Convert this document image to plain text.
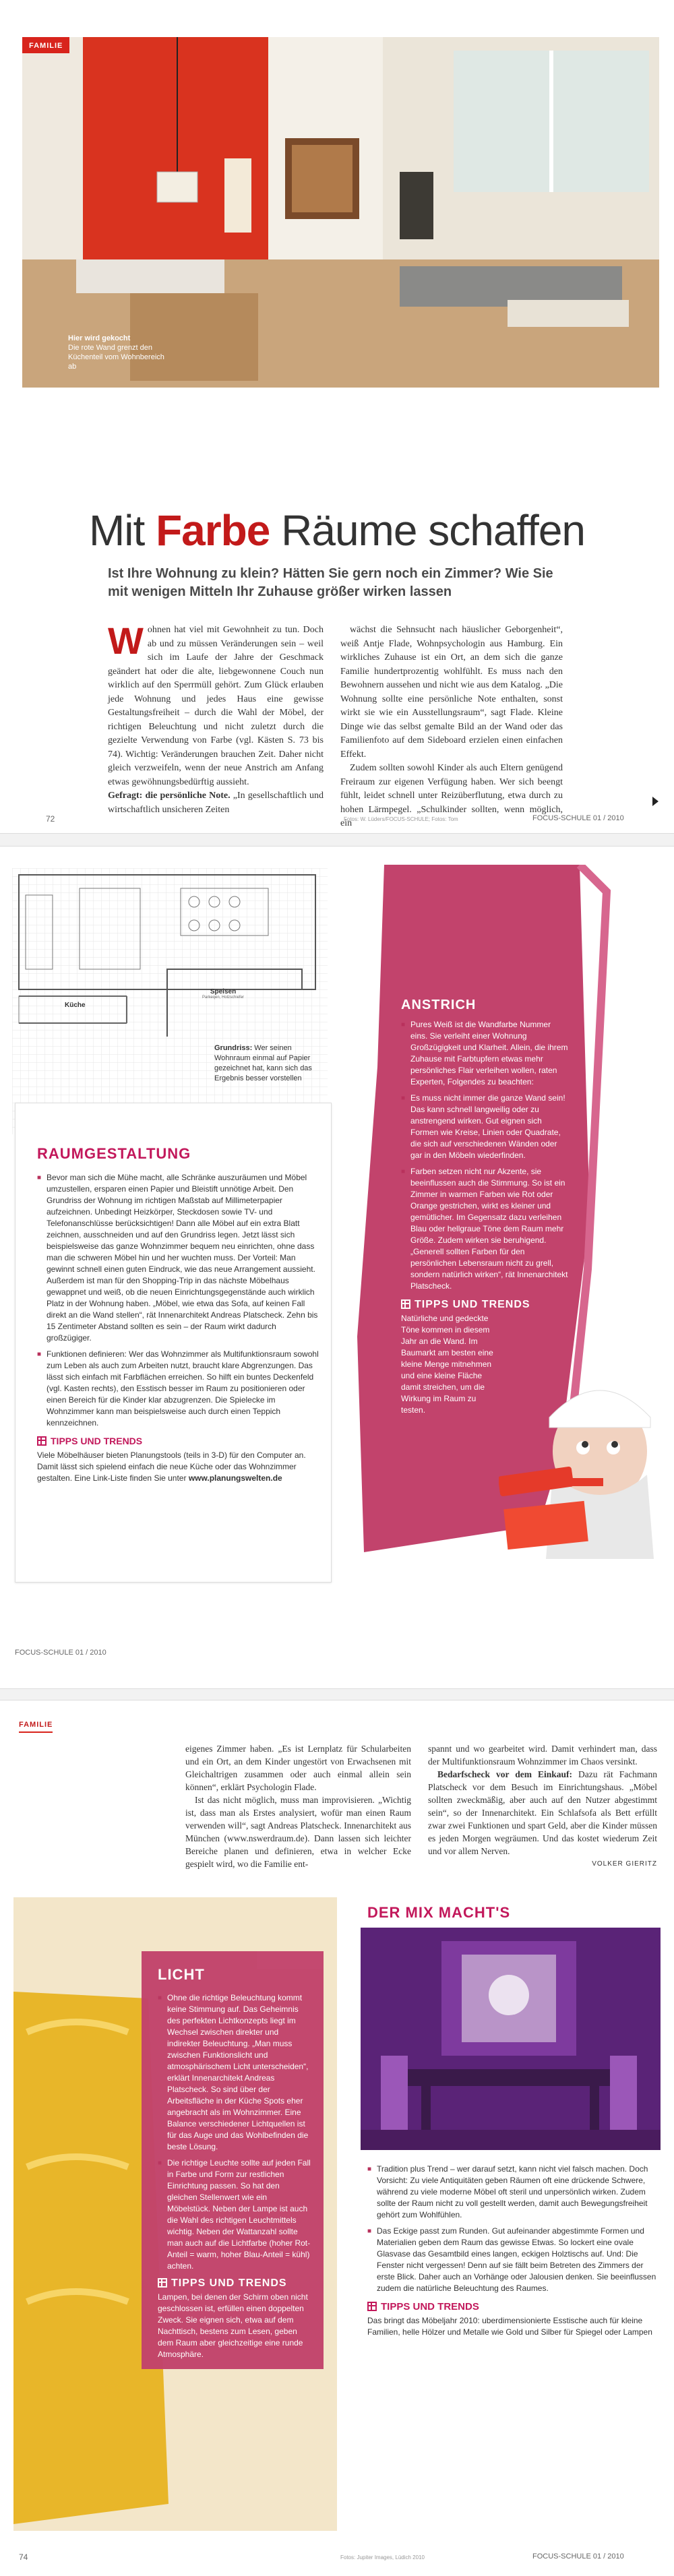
FAMILIE
Hier wird gekocht
Die rote Wand grenzt den Küchenteil vom Wohnbereich ab
Mit Farbe Räume schaffen
Ist Ihre Wohnung zu klein? Hätten Sie gern noch ein Zimmer? Wie Sie mit wenigen Mitteln Ihr Zuhause größer wirken lassen
W ohnen hat viel mit Gewohnheit zu tun. Doch ab und zu müssen Veränderungen sein – weil sich im Laufe der Jahre der Geschmack geändert hat oder die alte, liebgewonnene Couch nun wirklich auf den Sperrmüll gehört. Zum Glück erlauben jede Wohnung und jedes Haus eine gewisse Gestaltungsfreiheit – durch die Wahl der Möbel, der richtigen Beleuchtung und nicht zuletzt durch die gezielte Verwendung von Farbe (vgl. Kästen S. 73 bis 74). Wichtig: Veränderungen brauchen Zeit. Daher nicht gleich verzweifeln, wenn der neue Anstrich am Anfang etwas gewöhnungsbedürftig aussieht.
Gefragt: die persönliche Note. „In gesellschaftlich und wirtschaftlich unsicheren Zeiten
wächst die Sehnsucht nach häuslicher Geborgenheit“, weiß Antje Flade, Wohnpsychologin aus Hamburg. Ein wirkliches Zuhause ist ein Ort, an dem sich die ganze Familie hundertprozentig wohlfühlt. Es muss nach den Bewohnern aussehen und nicht wie aus dem Katalog. „Die Wohnung sollte eine persönliche Note enthalten, sonst wirkt sie wie ein Ausstellungsraum“, sagt Flade. Kleine Dinge wie das selbst gemalte Bild an der Wand oder das Familienfoto auf dem Sideboard erzielen einen einfachen Effekt.
Zudem sollten sowohl Kinder als auch Eltern genügend Freiraum zur eigenen Verfügung haben. Wer sich beengt fühlt, leidet schnell unter Reizüberflutung, etwa durch zu hohen Lärmpegel. „Schulkinder sollten, wenn möglich, ein
72	Fotos: W. Lüders/FOCUS-SCHULE; Fotos: Tom	FOCUS-SCHULE 01 / 2010
Küche
Speisen
Parkeqen, Holzschiefer
Grundriss: Wer seinen Wohnraum einmal auf Papier gezeichnet hat, kann sich das Ergebnis besser vorstellen
RAUMGESTALTUNG
■ Bevor man sich die Mühe macht, alle Schränke auszuräumen und Möbel umzustellen, ersparen einen Papier und Bleistift unnötige Arbeit. Den Grundriss der Wohnung im richtigen Maßstab auf Millimeterpapier aufzeichnen. Unbedingt Heizkörper, Steckdosen sowie TV- und Telefonanschlüsse berücksichtigen! Dann alle Möbel auf ein extra Blatt zeichnen, ausschneiden und auf den Grundriss legen. Jetzt lässt sich beispielsweise das ganze Wohnzimmer bequem neu einrichten, ohne dass man die schweren Möbel hin und her wuchten muss. Der Vorteil: Man gewinnt schnell einen guten Eindruck, wie das neue Arrangement aussieht. Außerdem ist man für den Shopping-Trip in das nächste Möbelhaus gewappnet und weiß, ob die neuen Einrichtungsgegenstände auch wirklich Platz in der Wohnung haben. „Möbel, wie etwa das Sofa, auf keinen Fall direkt an die Wand stellen“, rät Innenarchitekt Andreas Platscheck. Zehn bis 15 Zentimeter Abstand sollten es sein – der Raum wirkt dadurch großzügiger.
■ Funktionen definieren: Wer das Wohnzimmer als Multifunktionsraum sowohl zum Leben als auch zum Arbeiten nutzt, braucht klare Abgrenzungen. Das lässt sich einfach mit Farbflächen erreichen. So hilft ein buntes Deckenfeld (vgl. Kasten rechts), den Esstisch besser im Raum zu positionieren oder einen Bereich für die Kinder klar abzugrenzen. Die Spielecke im Wohnzimmer kann man beispielsweise auch durch einen Teppich kennzeichnen.
TIPPS UND TRENDS
Viele Möbelhäuser bieten Planungstools (teils in 3-D) für den Computer an. Damit lässt sich spielend einfach die neue Küche oder das Wohnzimmer gestalten. Eine Link-Liste finden Sie unter www.planungswelten.de
ANSTRICH
■ Pures Weiß ist die Wandfarbe Nummer eins. Sie verleiht einer Wohnung Großzügigkeit und Klarheit. Allein, die ihrem Zuhause mit Farbtupfern etwas mehr persönliches Flair verleihen wollen, raten Experten, Folgendes zu beachten:
■ Es muss nicht immer die ganze Wand sein! Das kann schnell langweilig oder zu anstrengend wirken. Gut eignen sich Formen wie Kreise, Linien oder Quadrate, die sich auf verschiedenen Wänden oder gar in den Möbeln wiederfinden.
■ Farben setzen nicht nur Akzente, sie beeinflussen auch die Stimmung. So ist ein Zimmer in warmen Farben wie Rot oder Orange gestrichen, wirkt es kleiner und gemütlicher. Im Gegensatz dazu verleihen Blau oder hellgraue Töne dem Raum mehr Größe. Zudem wirken sie beruhigend. „Generell sollten Farben für den persönlichen Lebensraum nicht zu grell, sondern natürlich wirken“, rät Innenarchitekt Platscheck.
TIPPS UND TRENDS
Natürliche und gedeckte Töne kommen in diesem Jahr an die Wand. Im Baumarkt am besten eine kleine Menge mitnehmen und eine kleine Fläche damit streichen, um die Wirkung im Raum zu testen.
FOCUS-SCHULE 01 / 2010
FAMILIE
eigenes Zimmer haben. „Es ist Lernplatz für Schularbeiten und ein Ort, an dem Kinder ungestört von Erwachsenen mit Gleichaltrigen zusammen oder auch einmal allein sein können“, erklärt Psychologin Flade.
Ist das nicht möglich, muss man improvisieren. „Wichtig ist, dass man als Erstes analysiert, wofür man einen Raum verwenden will“, sagt Andreas Platscheck. Innenarchitekt aus München (www.nswerdraum.de). Dann lassen sich leichter Bereiche planen und definieren, etwa in welcher Ecke gespielt wird, wo die Familie ent-
spannt und wo gearbeitet wird. Damit verhindert man, dass der Multifunktionsraum Wohnzimmer im Chaos versinkt.
Bedarfscheck vor dem Einkauf: Dazu rät Fachmann Platscheck vor dem Besuch im Einrichtungshaus. „Möbel sollten zweckmäßig, aber auch auf den Nutzer abgestimmt sein“, so der Innenarchitekt. Ein Schlafsofa als Bett erfüllt zwar zwei Funktionen und spart Geld, aber die Kinder müssen es jeden Morgen wegräumen. Und das kostet wiederum Zeit und vor allem Nerven.
VOLKER GIERITZ
LICHT
■ Ohne die richtige Beleuchtung kommt keine Stimmung auf. Das Geheimnis des perfekten Lichtkonzepts liegt im Wechsel zwischen direkter und indirekter Beleuchtung. „Man muss zwischen Funktionslicht und atmosphärischem Licht unterscheiden“, erklärt Innenarchitekt Andreas Platscheck. So sind über der Arbeitsfläche in der Küche Spots eher angebracht als im Wohnzimmer. Eine Balance verschiedener Lichtquellen ist für das Auge und das Wohlbefinden die beste Lösung.
■ Die richtige Leuchte sollte auf jeden Fall in Farbe und Form zur restlichen Einrichtung passen. So hat den gleichen Stellenwert wie ein Möbelstück. Neben der Lampe ist auch die Wahl des richtigen Leuchtmittels wichtig. Neben der Wattanzahl sollte man auch auf die Lichtfarbe (hoher Rot-Anteil = warm, hoher Blau-Anteil = kühl) achten.
TIPPS UND TRENDS
Lampen, bei denen der Schirm oben nicht geschlossen ist, erfüllen einen doppelten Zweck. Sie eignen sich, etwa auf dem Nachttisch, bestens zum Lesen, geben dem Raum aber gleichzeitige eine runde Atmosphäre.
DER MIX MACHT'S
■ Tradition plus Trend – wer darauf setzt, kann nicht viel falsch machen. Doch Vorsicht: Zu viele Antiquitäten geben Räumen oft eine drückende Schwere, während zu viele moderne Möbel oft steril und unpersönlich wirken. Zudem sollte der Raum nicht zu voll gestellt werden, damit auch Bewegungsfreiheit gehört zum Wohlfühlen.
■ Das Eckige passt zum Runden. Gut aufeinander abgestimmte Formen und Materialien geben dem Raum das gewisse Etwas. So lockert eine ovale Glasvase das Gesamtbild eines langen, eckigen Holztischs auf. Und: Die Fenster nicht vergessen! Denn auf sie fällt beim Betreten des Zimmers der erste Blick. Daher auch an Vorhänge oder Jalousien denken. Sie beeinflussen zudem die natürliche Beleuchtung des Raumes.
TIPPS UND TRENDS
Das bringt das Möbeljahr 2010: uberdimensionierte Esstische auch für kleine Familien, helle Hölzer und Metalle wie Gold und Silber für Spiegel oder Lampen
74	Fotos: Jupiter Images, Lüdich 2010	FOCUS-SCHULE 01 / 2010
